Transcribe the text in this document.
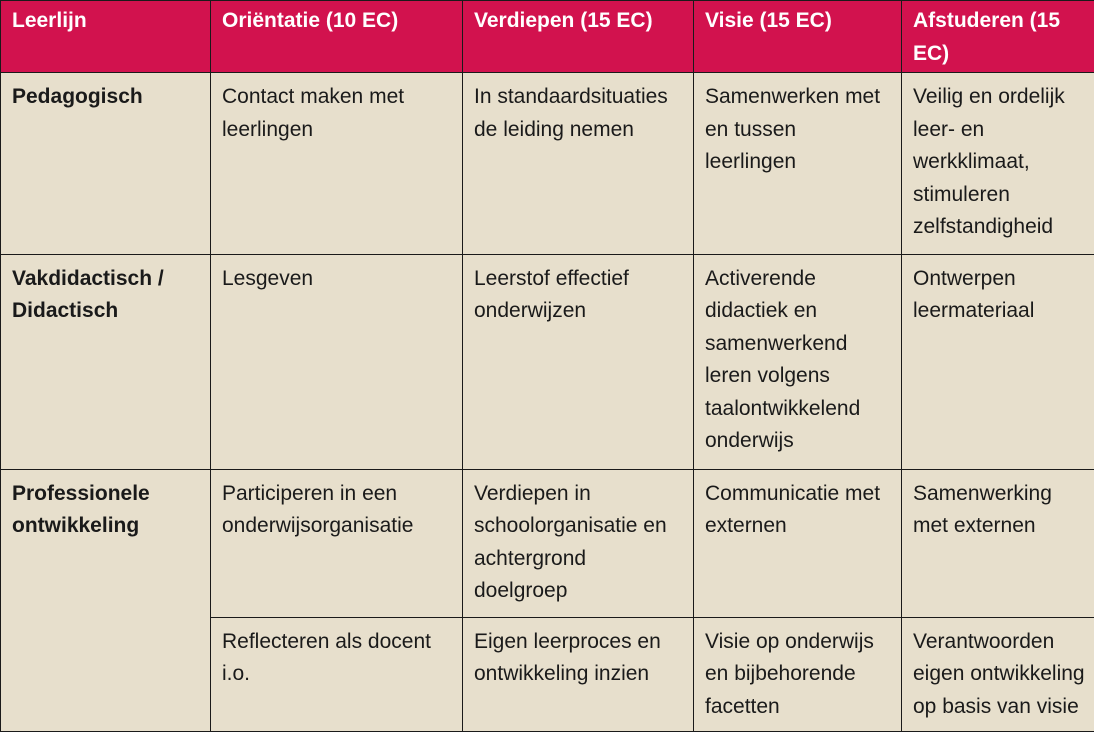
Leerlijn	Oriëntatie (10 EC)	Verdiepen (15 EC)	Visie (15 EC)	Afstuderen (15 EC)
Pedagogisch	Contact maken met leerlingen	In standaardsituaties de leiding nemen	Samenwerken met en tussen leerlingen	Veilig en ordelijk leer- en werkklimaat, stimuleren zelfstandigheid
Vakdidactisch / Didactisch	Lesgeven	Leerstof effectief onderwijzen	Activerende didactiek en samenwerkend leren volgens taalontwikkelend onderwijs	Ontwerpen leermateriaal
Professionele ontwikkeling	Participeren in een onderwijsorganisatie	Verdiepen in schoolorganisatie en achtergrond doelgroep	Communicatie met externen	Samenwerking met externen
	Reflecteren als docent i.o.	Eigen leerproces en ontwikkeling inzien	Visie op onderwijs en bijbehorende facetten	Verantwoorden eigen ontwikkeling op basis van visie
